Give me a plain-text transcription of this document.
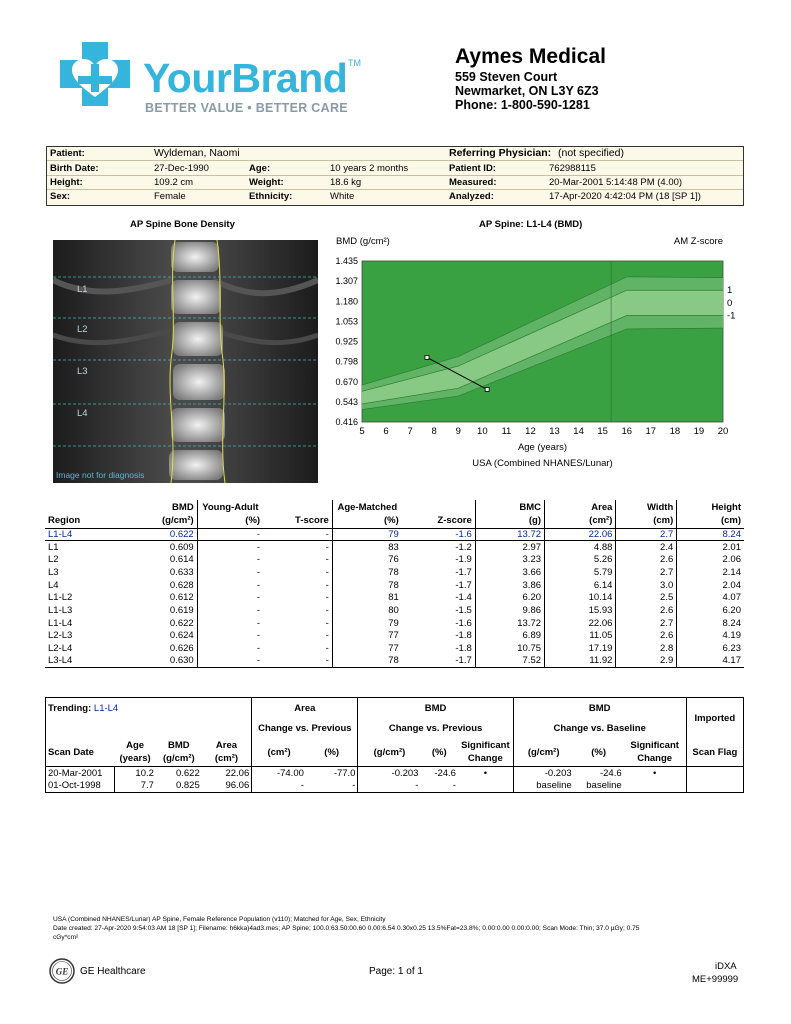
YourBrand TM
BETTER VALUE • BETTER CARE
Aymes Medical
559 Steven Court
Newmarket, ON L3Y 6Z3
Phone: 1-800-590-1281
Patient:	Wyldeman, Naomi	Referring Physician: (not specified)
Birth Date:	27-Dec-1990	Age:	10 years 2 months	Patient ID:	762988115
Height:	109.2 cm	Weight:	18.6 kg	Measured:	20-Mar-2001 5:14:48 PM (4.00)
Sex:	Female	Ethnicity:	White	Analyzed:	17-Apr-2020 4:42:04 PM (18 [SP 1])
AP Spine Bone Density
L1
L2
L3
L4
Image not for diagnosis
AP Spine: L1-L4 (BMD)
0.416
0.543
0.670
0.798
0.925
1.053
1.180
1.307
1.435
5 6 7 8 9 10 11 12 13 14 15 16 17 18 19 20
1
0
-1
BMD (g/cm²)	AM Z-score
Age (years)
USA (Combined NHANES/Lunar)
	BMD	Young-Adult		Age-Matched		BMC	Area	Width	Height
Region	(g/cm²)	(%)	T-score	(%)	Z-score	(g)	(cm²)	(cm)	(cm)
L1-L4	0.622	-	-	79	-1.6	13.72	22.06	2.7	8.24
L1	0.609	-	-	83	-1.2	2.97	4.88	2.4	2.01
L2	0.614	-	-	76	-1.9	3.23	5.26	2.6	2.06
L3	0.633	-	-	78	-1.7	3.66	5.79	2.7	2.14
L4	0.628	-	-	78	-1.7	3.86	6.14	3.0	2.04
L1-L2	0.612	-	-	81	-1.4	6.20	10.14	2.5	4.07
L1-L3	0.619	-	-	80	-1.5	9.86	15.93	2.6	6.20
L1-L4	0.622	-	-	79	-1.6	13.72	22.06	2.7	8.24
L2-L3	0.624	-	-	77	-1.8	6.89	11.05	2.6	4.19
L2-L4	0.626	-	-	77	-1.8	10.75	17.19	2.8	6.23
L3-L4	0.630	-	-	78	-1.7	7.52	11.92	2.9	4.17
Trending: L1-L4				Area		BMD			BMD			Imported
				Change vs. Previous		Change vs. Previous			Change vs. Baseline			
Scan Date	Age (years)	BMD (g/cm²)	Area (cm²)	(cm²)	(%)	(g/cm²)	(%)	Significant Change	(g/cm²)	(%)	Significant Change	Scan Flag
20-Mar-2001	10.2	0.622	22.06	-74.00	-77.0	-0.203	-24.6	•	-0.203	-24.6	•	
01-Oct-1998	7.7	0.825	96.06	-	-	-	-		baseline	baseline		
USA (Combined NHANES/Lunar) AP Spine, Female Reference Population (v110); Matched for Age, Sex, Ethnicity
Date created: 27-Apr-2020 9:54:03 AM 18 [SP 1]; Filename: h6kka)4ad3.mes; AP Spine; 100.0:63.50:00.60 0.00:6.54 0.30x0.25 13.5%Fat=23.8%; 0.00:0.00 0.00:0.00; Scan Mode: Thin; 37.0 µGy; 0.75
cGy*cm²
GE GE Healthcare	Page: 1 of 1	iDXA
ME+99999
